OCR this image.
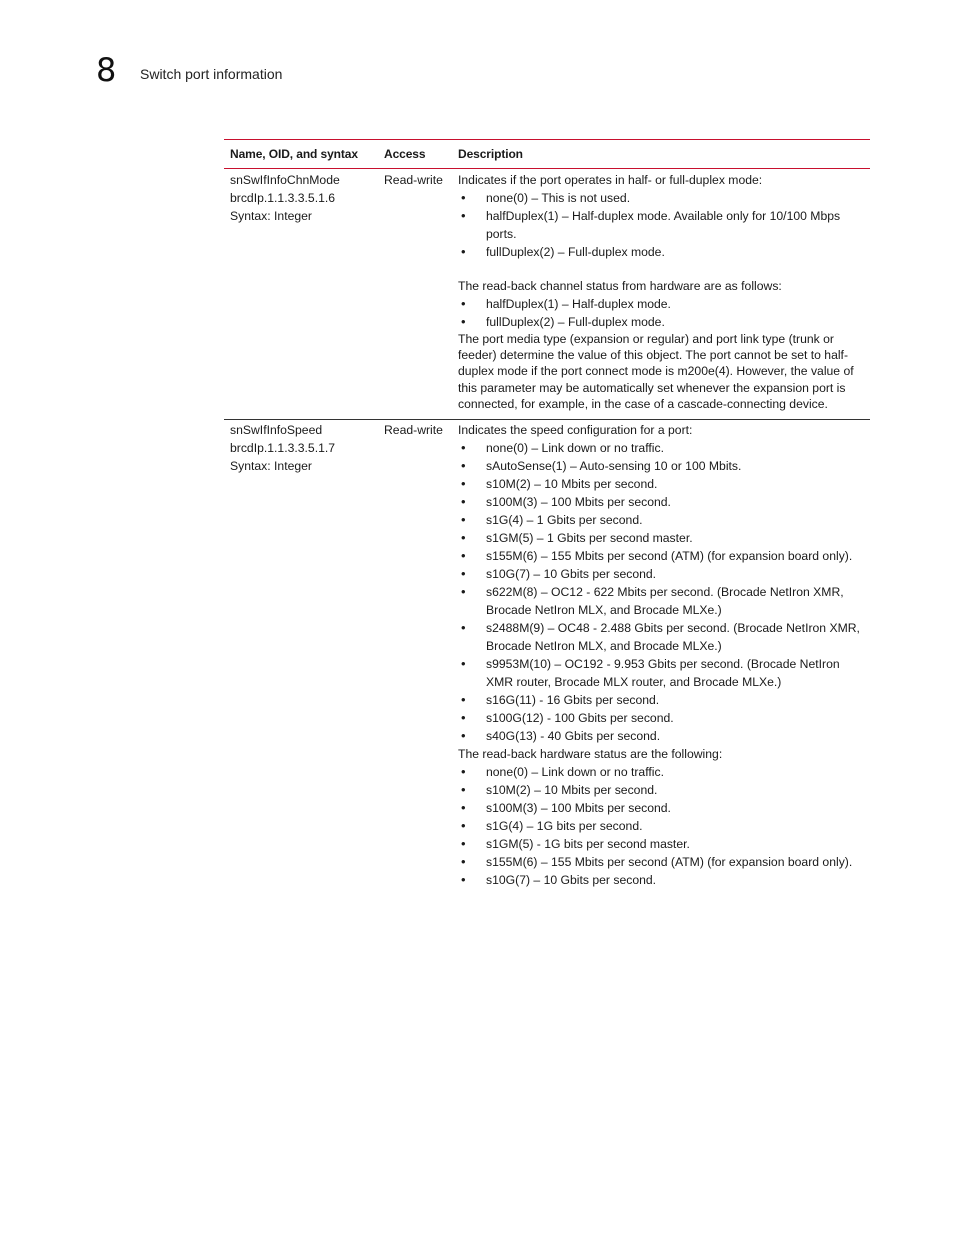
8 Switch port information
Name, OID, and syntax	Access	Description
snSwIfInfoChnMode
brcdIp.1.1.3.3.5.1.6
Syntax: Integer
Read-write	Indicates if the port operates in half- or full-duplex mode:

• none(0) – This is not used.
• halfDuplex(1) – Half-duplex mode. Available only for 10/100 Mbps ports.
• fullDuplex(2) – Full-duplex mode.

The read-back channel status from hardware are as follows:

• halfDuplex(1) – Half-duplex mode.
• fullDuplex(2) – Full-duplex mode.

The port media type (expansion or regular) and port link type (trunk or feeder) determine the value of this object. The port cannot be set to half-duplex mode if the port connect mode is m200e(4). However, the value of this parameter may be automatically set whenever the expansion port is connected, for example, in the case of a cascade-connecting device.

snSwIfInfoSpeed
brcdIp.1.1.3.3.5.1.7
Syntax: Integer
Read-write	Indicates the speed configuration for a port:

• none(0) – Link down or no traffic.
• sAutoSense(1) – Auto-sensing 10 or 100 Mbits.
• s10M(2) – 10 Mbits per second.
• s100M(3) – 100 Mbits per second.
• s1G(4) – 1 Gbits per second.
• s1GM(5) – 1 Gbits per second master.
• s155M(6) – 155 Mbits per second (ATM) (for expansion board only).
• s10G(7) – 10 Gbits per second.
• s622M(8) – OC12 - 622 Mbits per second. (Brocade NetIron XMR, Brocade NetIron MLX, and Brocade MLXe.)
• s2488M(9) – OC48 - 2.488 Gbits per second. (Brocade NetIron XMR, Brocade NetIron MLX, and Brocade MLXe.)
• s9953M(10) – OC192 - 9.953 Gbits per second. (Brocade NetIron XMR router, Brocade MLX router, and Brocade MLXe.)
• s16G(11) - 16 Gbits per second.
• s100G(12) - 100 Gbits per second.
• s40G(13) - 40 Gbits per second.

The read-back hardware status are the following:

• none(0) – Link down or no traffic.
• s10M(2) – 10 Mbits per second.
• s100M(3) – 100 Mbits per second.
• s1G(4) – 1G bits per second.
• s1GM(5) - 1G bits per second master.
• s155M(6) – 155 Mbits per second (ATM) (for expansion board only).
• s10G(7) – 10 Gbits per second.
